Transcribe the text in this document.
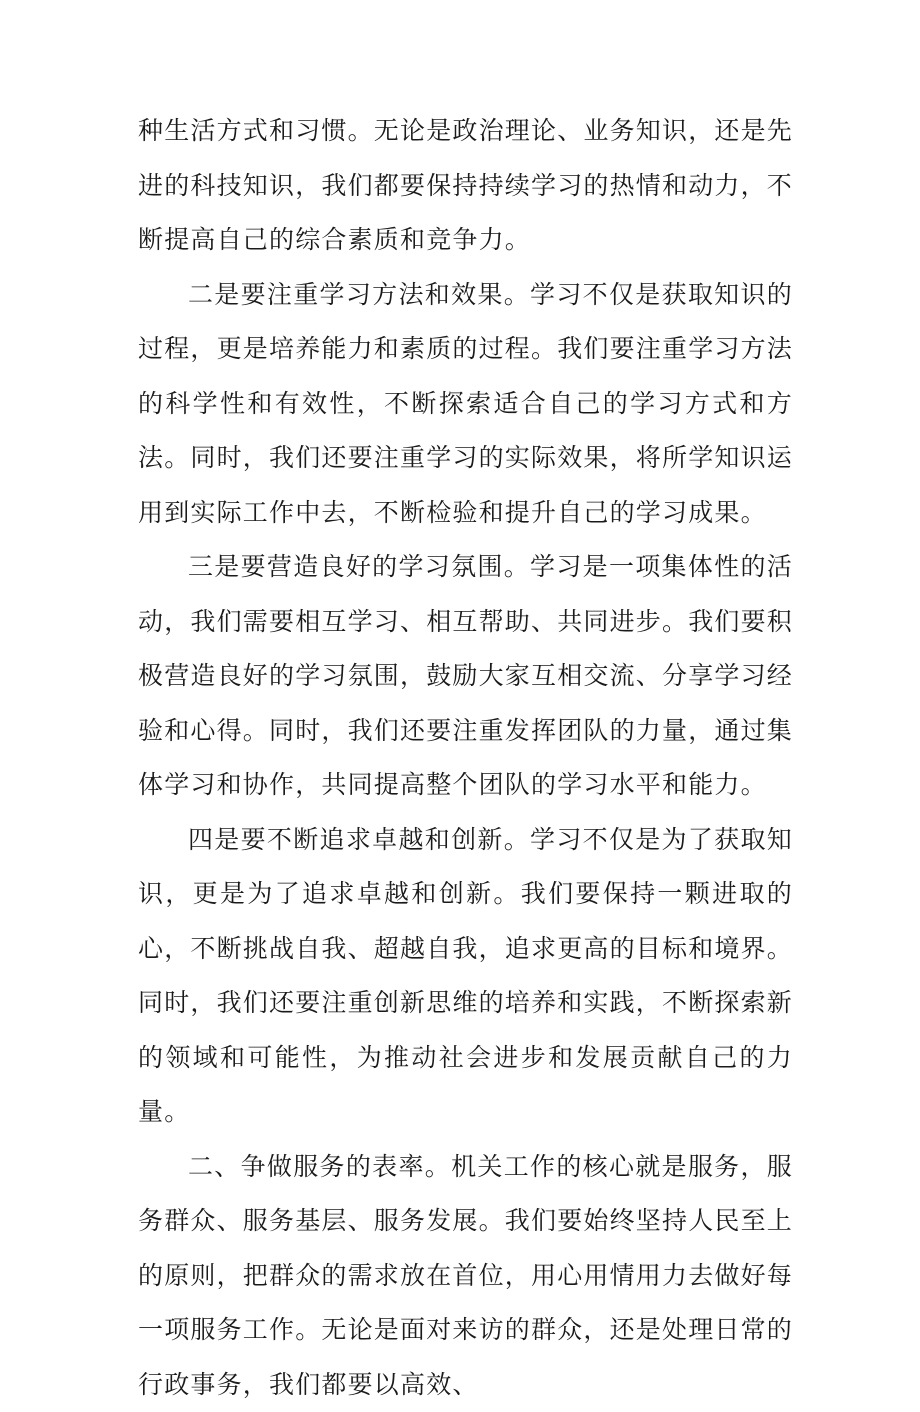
种生活方式和习惯。无论是政治理论、业务知识，还是先进的科技知识，我们都要保持持续学习的热情和动力，不断提高自己的综合素质和竞争力。

二是要注重学习方法和效果。学习不仅是获取知识的过程，更是培养能力和素质的过程。我们要注重学习方法的科学性和有效性，不断探索适合自己的学习方式和方法。同时，我们还要注重学习的实际效果，将所学知识运用到实际工作中去，不断检验和提升自己的学习成果。

三是要营造良好的学习氛围。学习是一项集体性的活动，我们需要相互学习、相互帮助、共同进步。我们要积极营造良好的学习氛围，鼓励大家互相交流、分享学习经验和心得。同时，我们还要注重发挥团队的力量，通过集体学习和协作，共同提高整个团队的学习水平和能力。

四是要不断追求卓越和创新。学习不仅是为了获取知识，更是为了追求卓越和创新。我们要保持一颗进取的心，不断挑战自我、超越自我，追求更高的目标和境界。同时，我们还要注重创新思维的培养和实践，不断探索新的领域和可能性，为推动社会进步和发展贡献自己的力量。

二、争做服务的表率。机关工作的核心就是服务，服务群众、服务基层、服务发展。我们要始终坚持人民至上的原则，把群众的需求放在首位，用心用情用力去做好每一项服务工作。无论是面对来访的群众，还是处理日常的行政事务，我们都要以高效、
